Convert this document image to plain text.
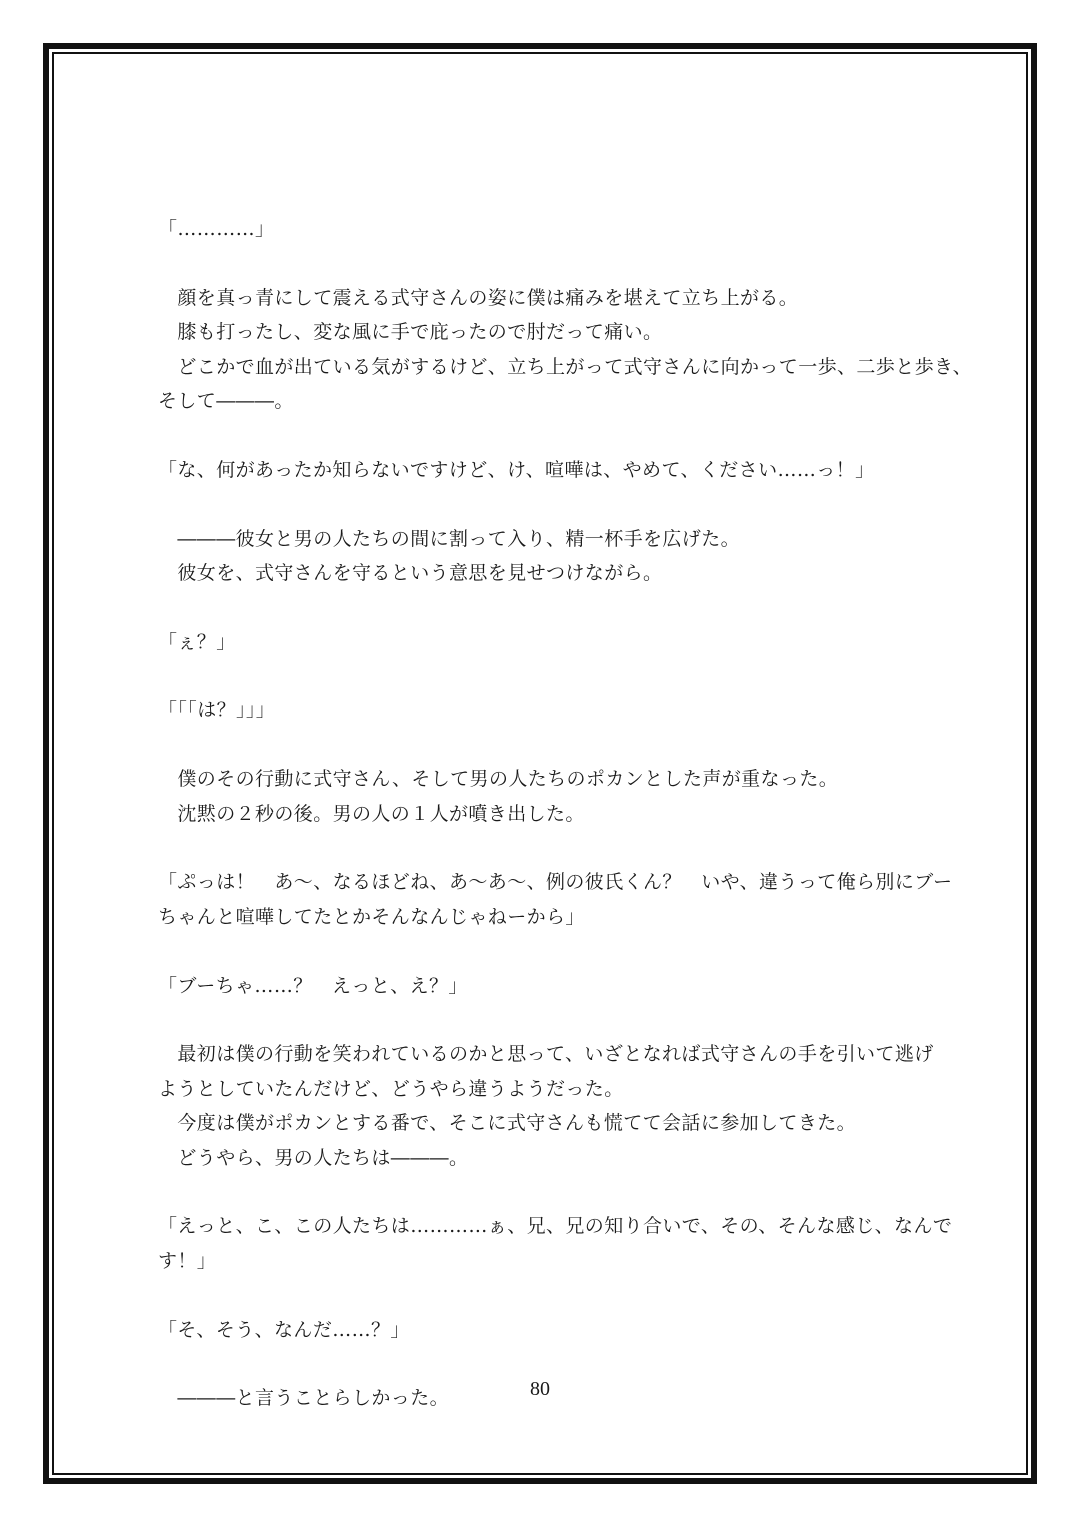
「…………」
　顔を真っ青にして震える式守さんの姿に僕は痛みを堪えて立ち上がる。
　膝も打ったし、変な風に手で庇ったので肘だって痛い。
　どこかで血が出ている気がするけど、立ち上がって式守さんに向かって一歩、二歩と歩き、
そして―――。
「な、何があったか知らないですけど、け、喧嘩は、やめて、ください……っ！」
　―――彼女と男の人たちの間に割って入り、精一杯手を広げた。
　彼女を、式守さんを守るという意思を見せつけながら。
「ぇ？」
「「「は？」」」
　僕のその行動に式守さん、そして男の人たちのポカンとした声が重なった。
　沈黙の２秒の後。男の人の１人が噴き出した。
「ぷっは！　あ～、なるほどね、あ～あ～、例の彼氏くん？　いや、違うって俺ら別にブー
ちゃんと喧嘩してたとかそんなんじゃねーから」
「ブーちゃ……？　えっと、え？」
　最初は僕の行動を笑われているのかと思って、いざとなれば式守さんの手を引いて逃げ
ようとしていたんだけど、どうやら違うようだった。
　今度は僕がポカンとする番で、そこに式守さんも慌てて会話に参加してきた。
　どうやら、男の人たちは―――。
「えっと、こ、この人たちは…………ぁ、兄、兄の知り合いで、その、そんな感じ、なんで
す！」
「そ、そう、なんだ……？」
　―――と言うことらしかった。	80
